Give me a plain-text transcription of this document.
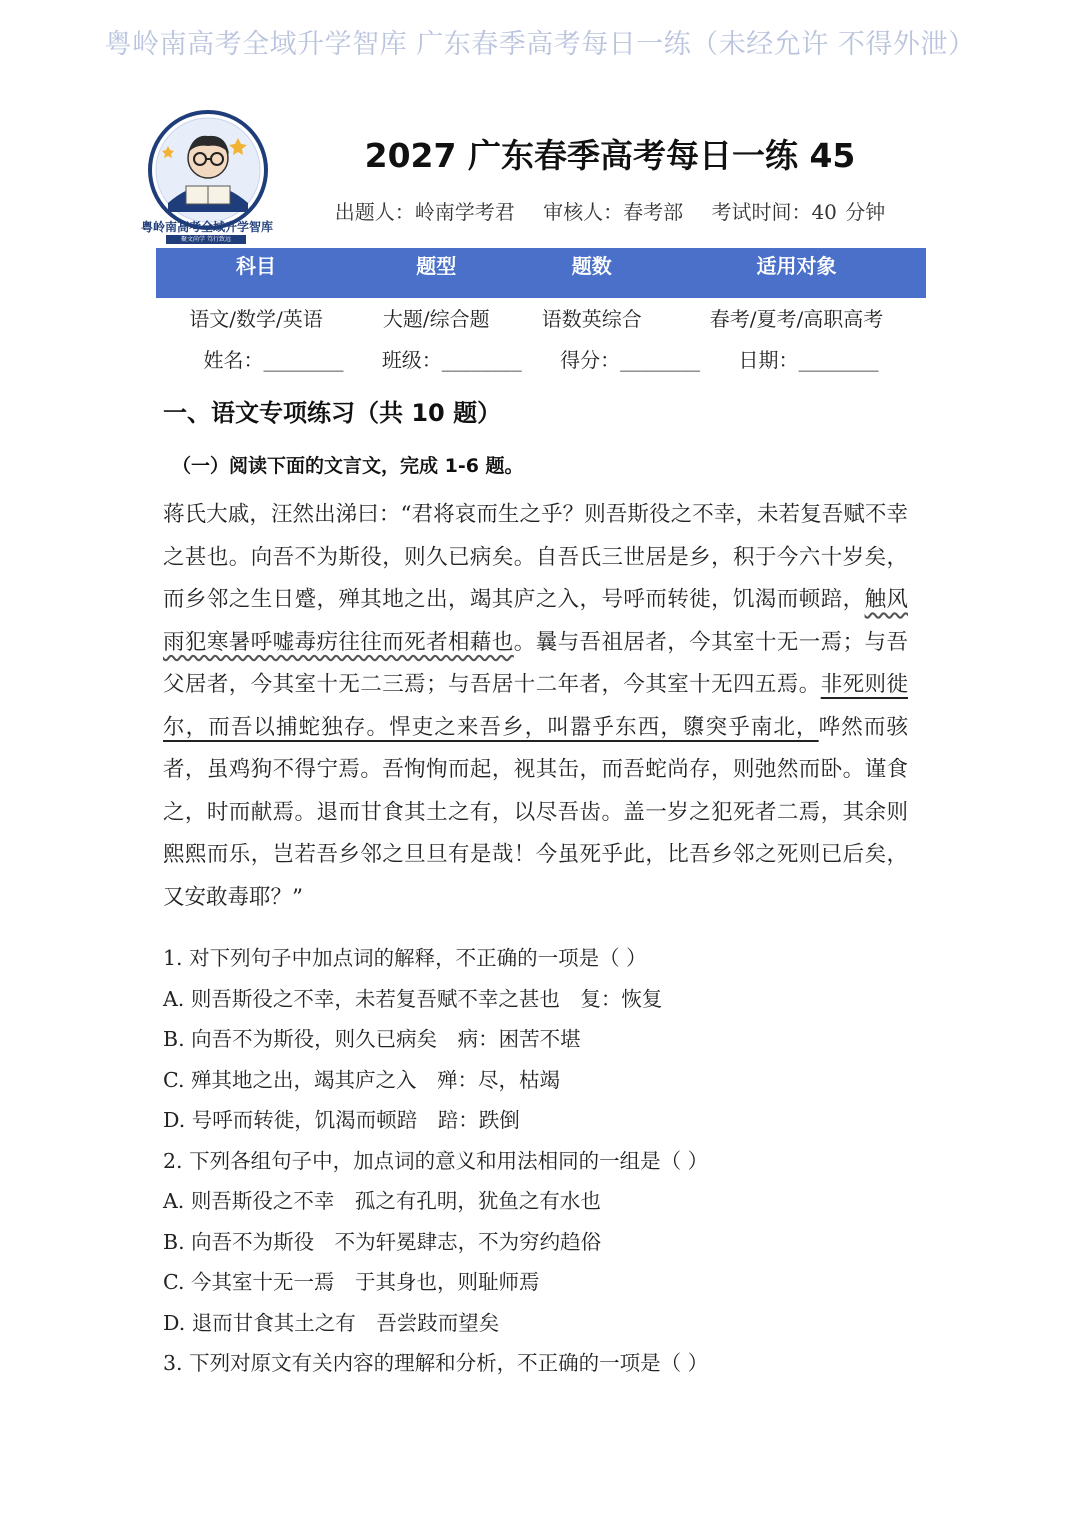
粤岭南高考全域升学智库 广东春季高考每日一练（未经允许 不得外泄）
粤岭南高考全域升学智库
聚文尚学 笃行致远
2027 广东春季高考每日一练 45
出题人：岭南学考君 审核人：春考部 考试时间：40 分钟
科目	题型	题数	适用对象
语文/数学/英语	大题/综合题	语数英综合	春考/夏考/高职高考
姓名：________ 班级：________ 得分：________ 日期：________
一、语文专项练习（共 10 题）
（一）阅读下面的文言文，完成 1-6 题。
蒋氏大戚，汪然出涕曰：“君将哀而生之乎？则吾斯役之不幸，未若复吾赋不幸之甚也。向吾不为斯役，则久已病矣。自吾氏三世居是乡，积于今六十岁矣，而乡邻之生日蹙，殚其地之出，竭其庐之入，号呼而转徙，饥渴而顿踣，触风雨犯寒暑呼嘘毒疠往往而死者相藉也。曩与吾祖居者，今其室十无一焉；与吾父居者，今其室十无二三焉；与吾居十二年者，今其室十无四五焉。非死则徙尔，而吾以捕蛇独存。悍吏之来吾乡，叫嚣乎东西，隳突乎南北，哗然而骇者，虽鸡狗不得宁焉。吾恂恂而起，视其缶，而吾蛇尚存，则弛然而卧。谨食之，时而献焉。退而甘食其土之有，以尽吾齿。盖一岁之犯死者二焉，其余则熙熙而乐，岂若吾乡邻之旦旦有是哉！今虽死乎此，比吾乡邻之死则已后矣，又安敢毒耶？”
1. 对下列句子中加点词的解释，不正确的一项是（ ）
A. 则吾斯役之不幸，未若复吾赋不幸之甚也　复：恢复
B. 向吾不为斯役，则久已病矣　病：困苦不堪
C. 殚其地之出，竭其庐之入　殚：尽，枯竭
D. 号呼而转徙，饥渴而顿踣　踣：跌倒
2. 下列各组句子中，加点词的意义和用法相同的一组是（ ）
A. 则吾斯役之不幸　孤之有孔明，犹鱼之有水也
B. 向吾不为斯役　不为轩冕肆志，不为穷约趋俗
C. 今其室十无一焉　于其身也，则耻师焉
D. 退而甘食其土之有　吾尝跂而望矣
3. 下列对原文有关内容的理解和分析，不正确的一项是（ ）
